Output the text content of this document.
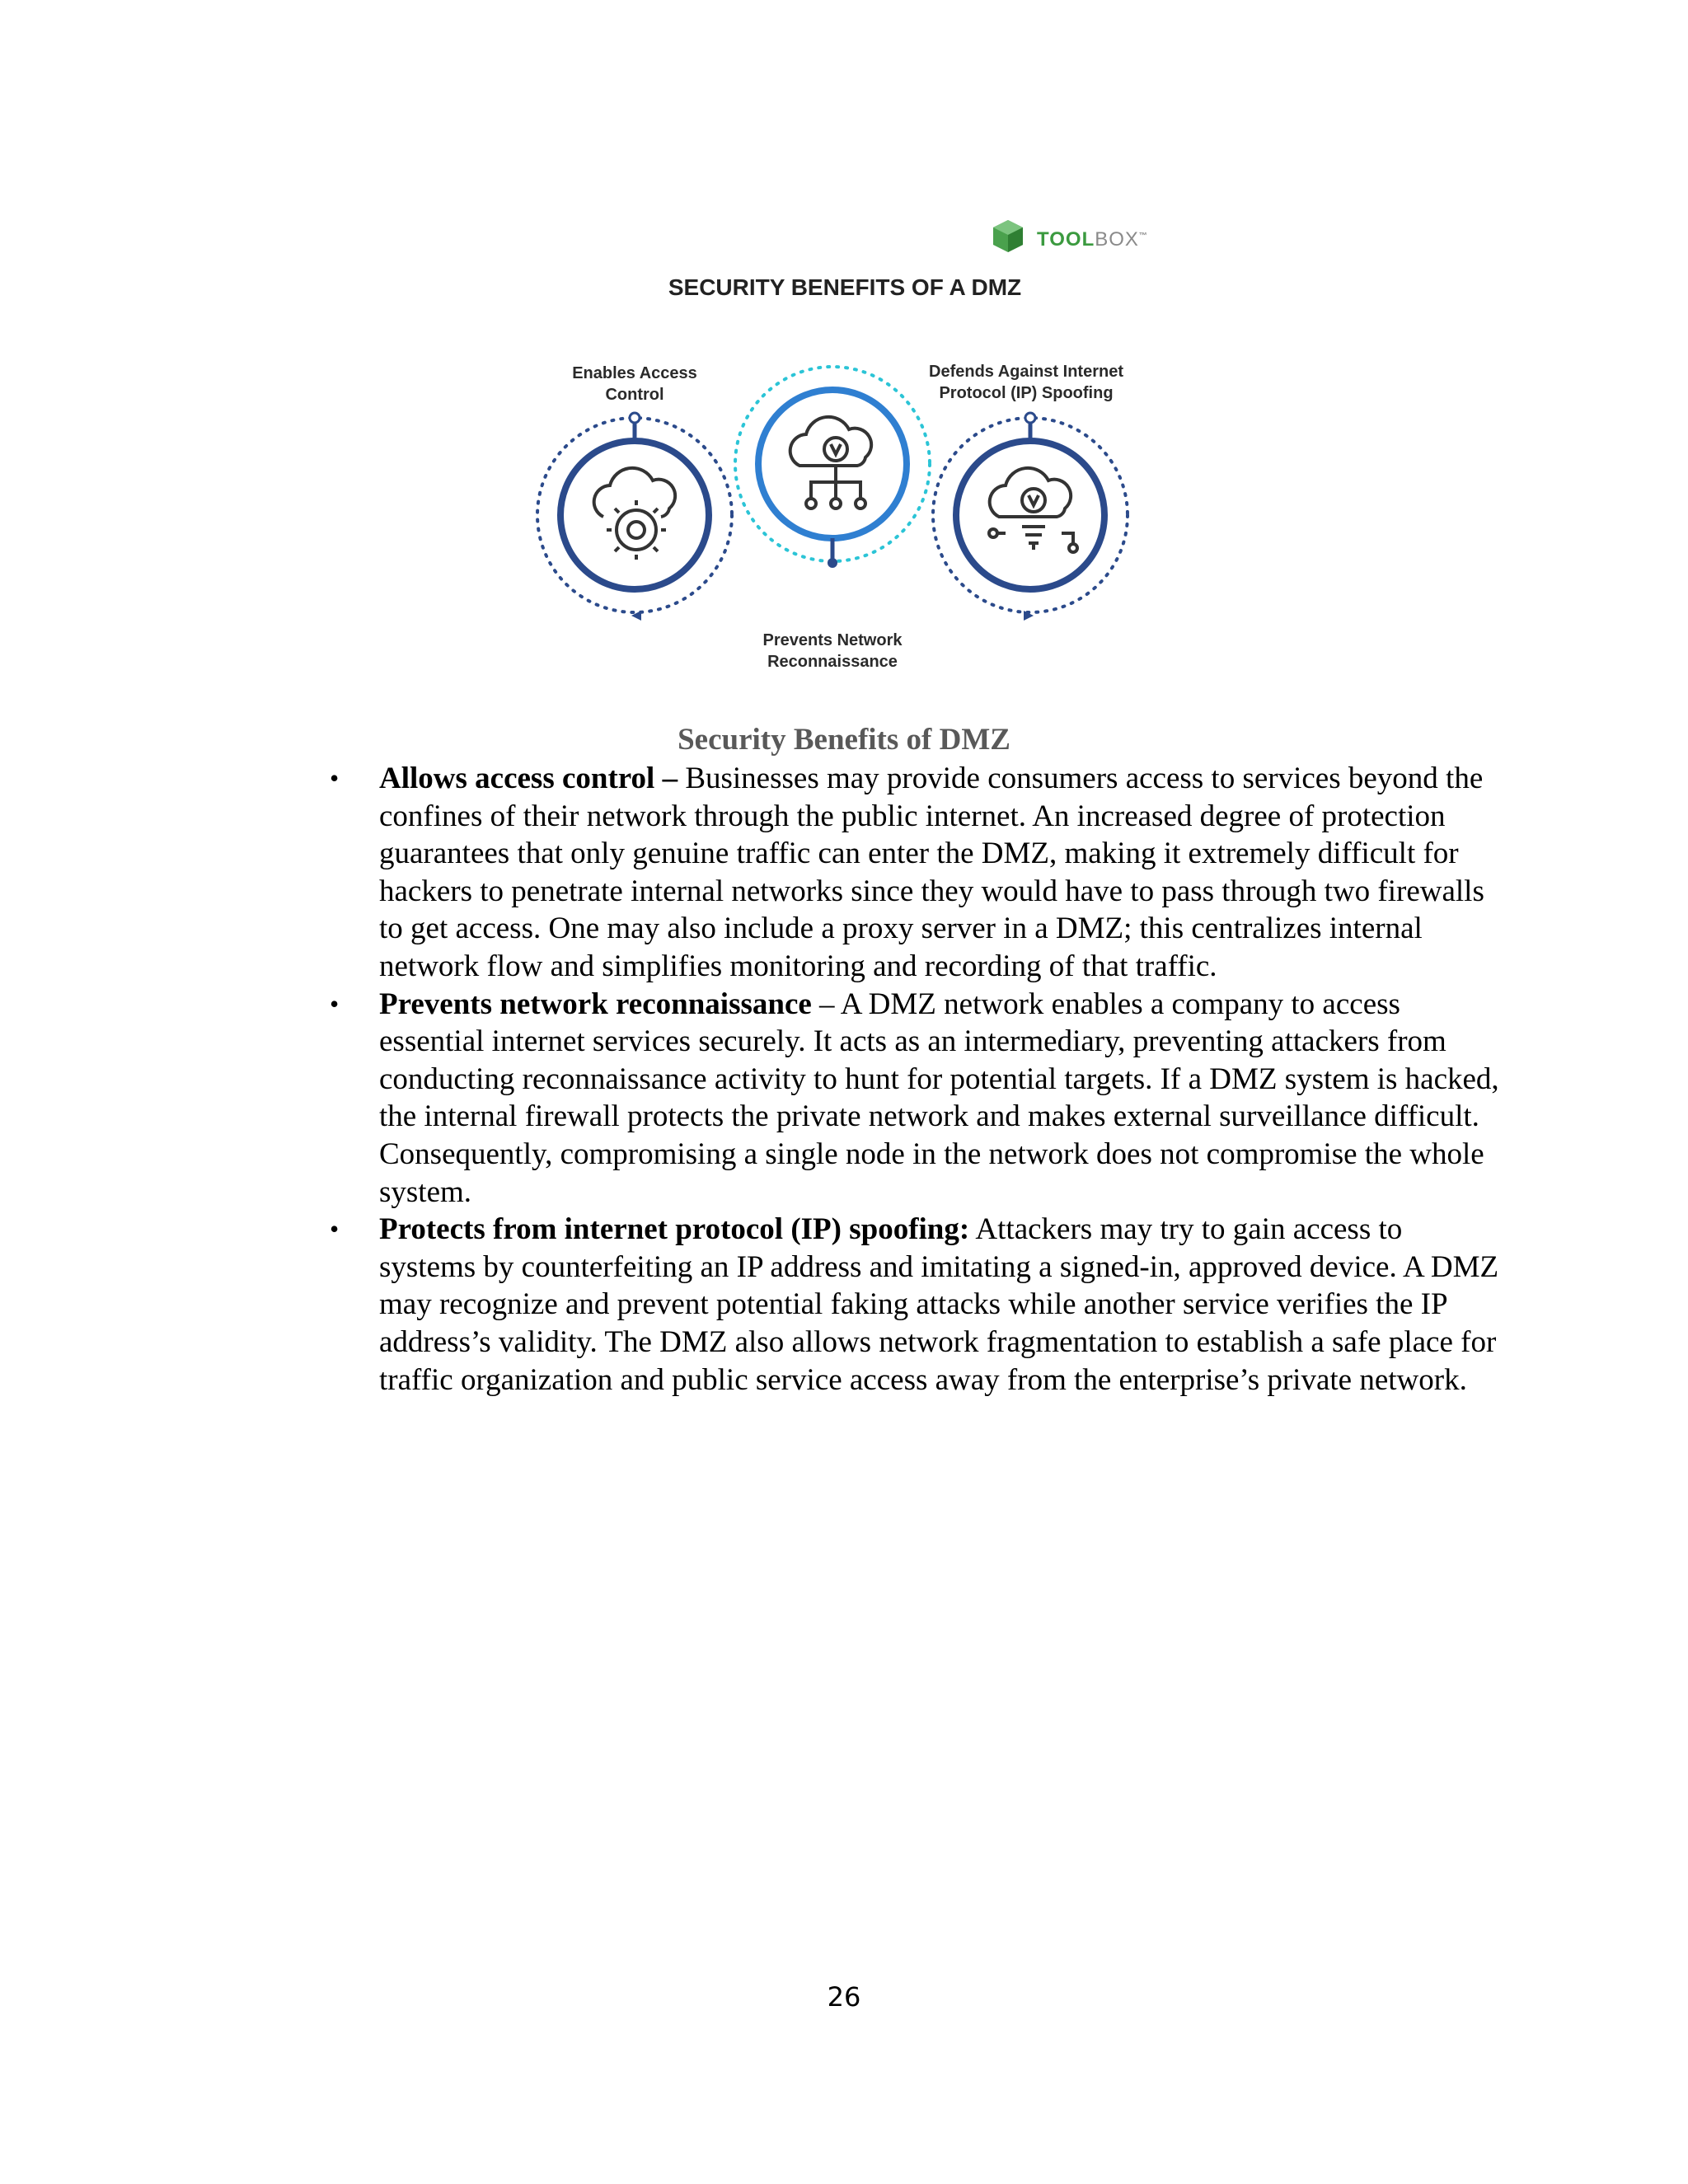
TOOLBOX™
SECURITY BENEFITS OF A DMZ
Enables Access
Control
Defends Against Internet
Protocol (IP) Spoofing
Prevents Network
Reconnaissance
Security Benefits of DMZ
• Allows access control – Businesses may provide consumers access to services beyond the confines of their network through the public internet. An increased degree of protection guarantees that only genuine traffic can enter the DMZ, making it extremely difficult for hackers to penetrate internal networks since they would have to pass through two firewalls to get access. One may also include a proxy server in a DMZ; this centralizes internal network flow and simplifies monitoring and recording of that traffic.
• Prevents network reconnaissance – A DMZ network enables a company to access essential internet services securely. It acts as an intermediary, preventing attackers from conducting reconnaissance activity to hunt for potential targets. If a DMZ system is hacked, the internal firewall protects the private network and makes external surveillance difficult. Consequently, compromising a single node in the network does not compromise the whole system.
• Protects from internet protocol (IP) spoofing: Attackers may try to gain access to systems by counterfeiting an IP address and imitating a signed-in, approved device. A DMZ may recognize and prevent potential faking attacks while another service verifies the IP address’s validity. The DMZ also allows network fragmentation to establish a safe place for traffic organization and public service access away from the enterprise’s private network.
26
